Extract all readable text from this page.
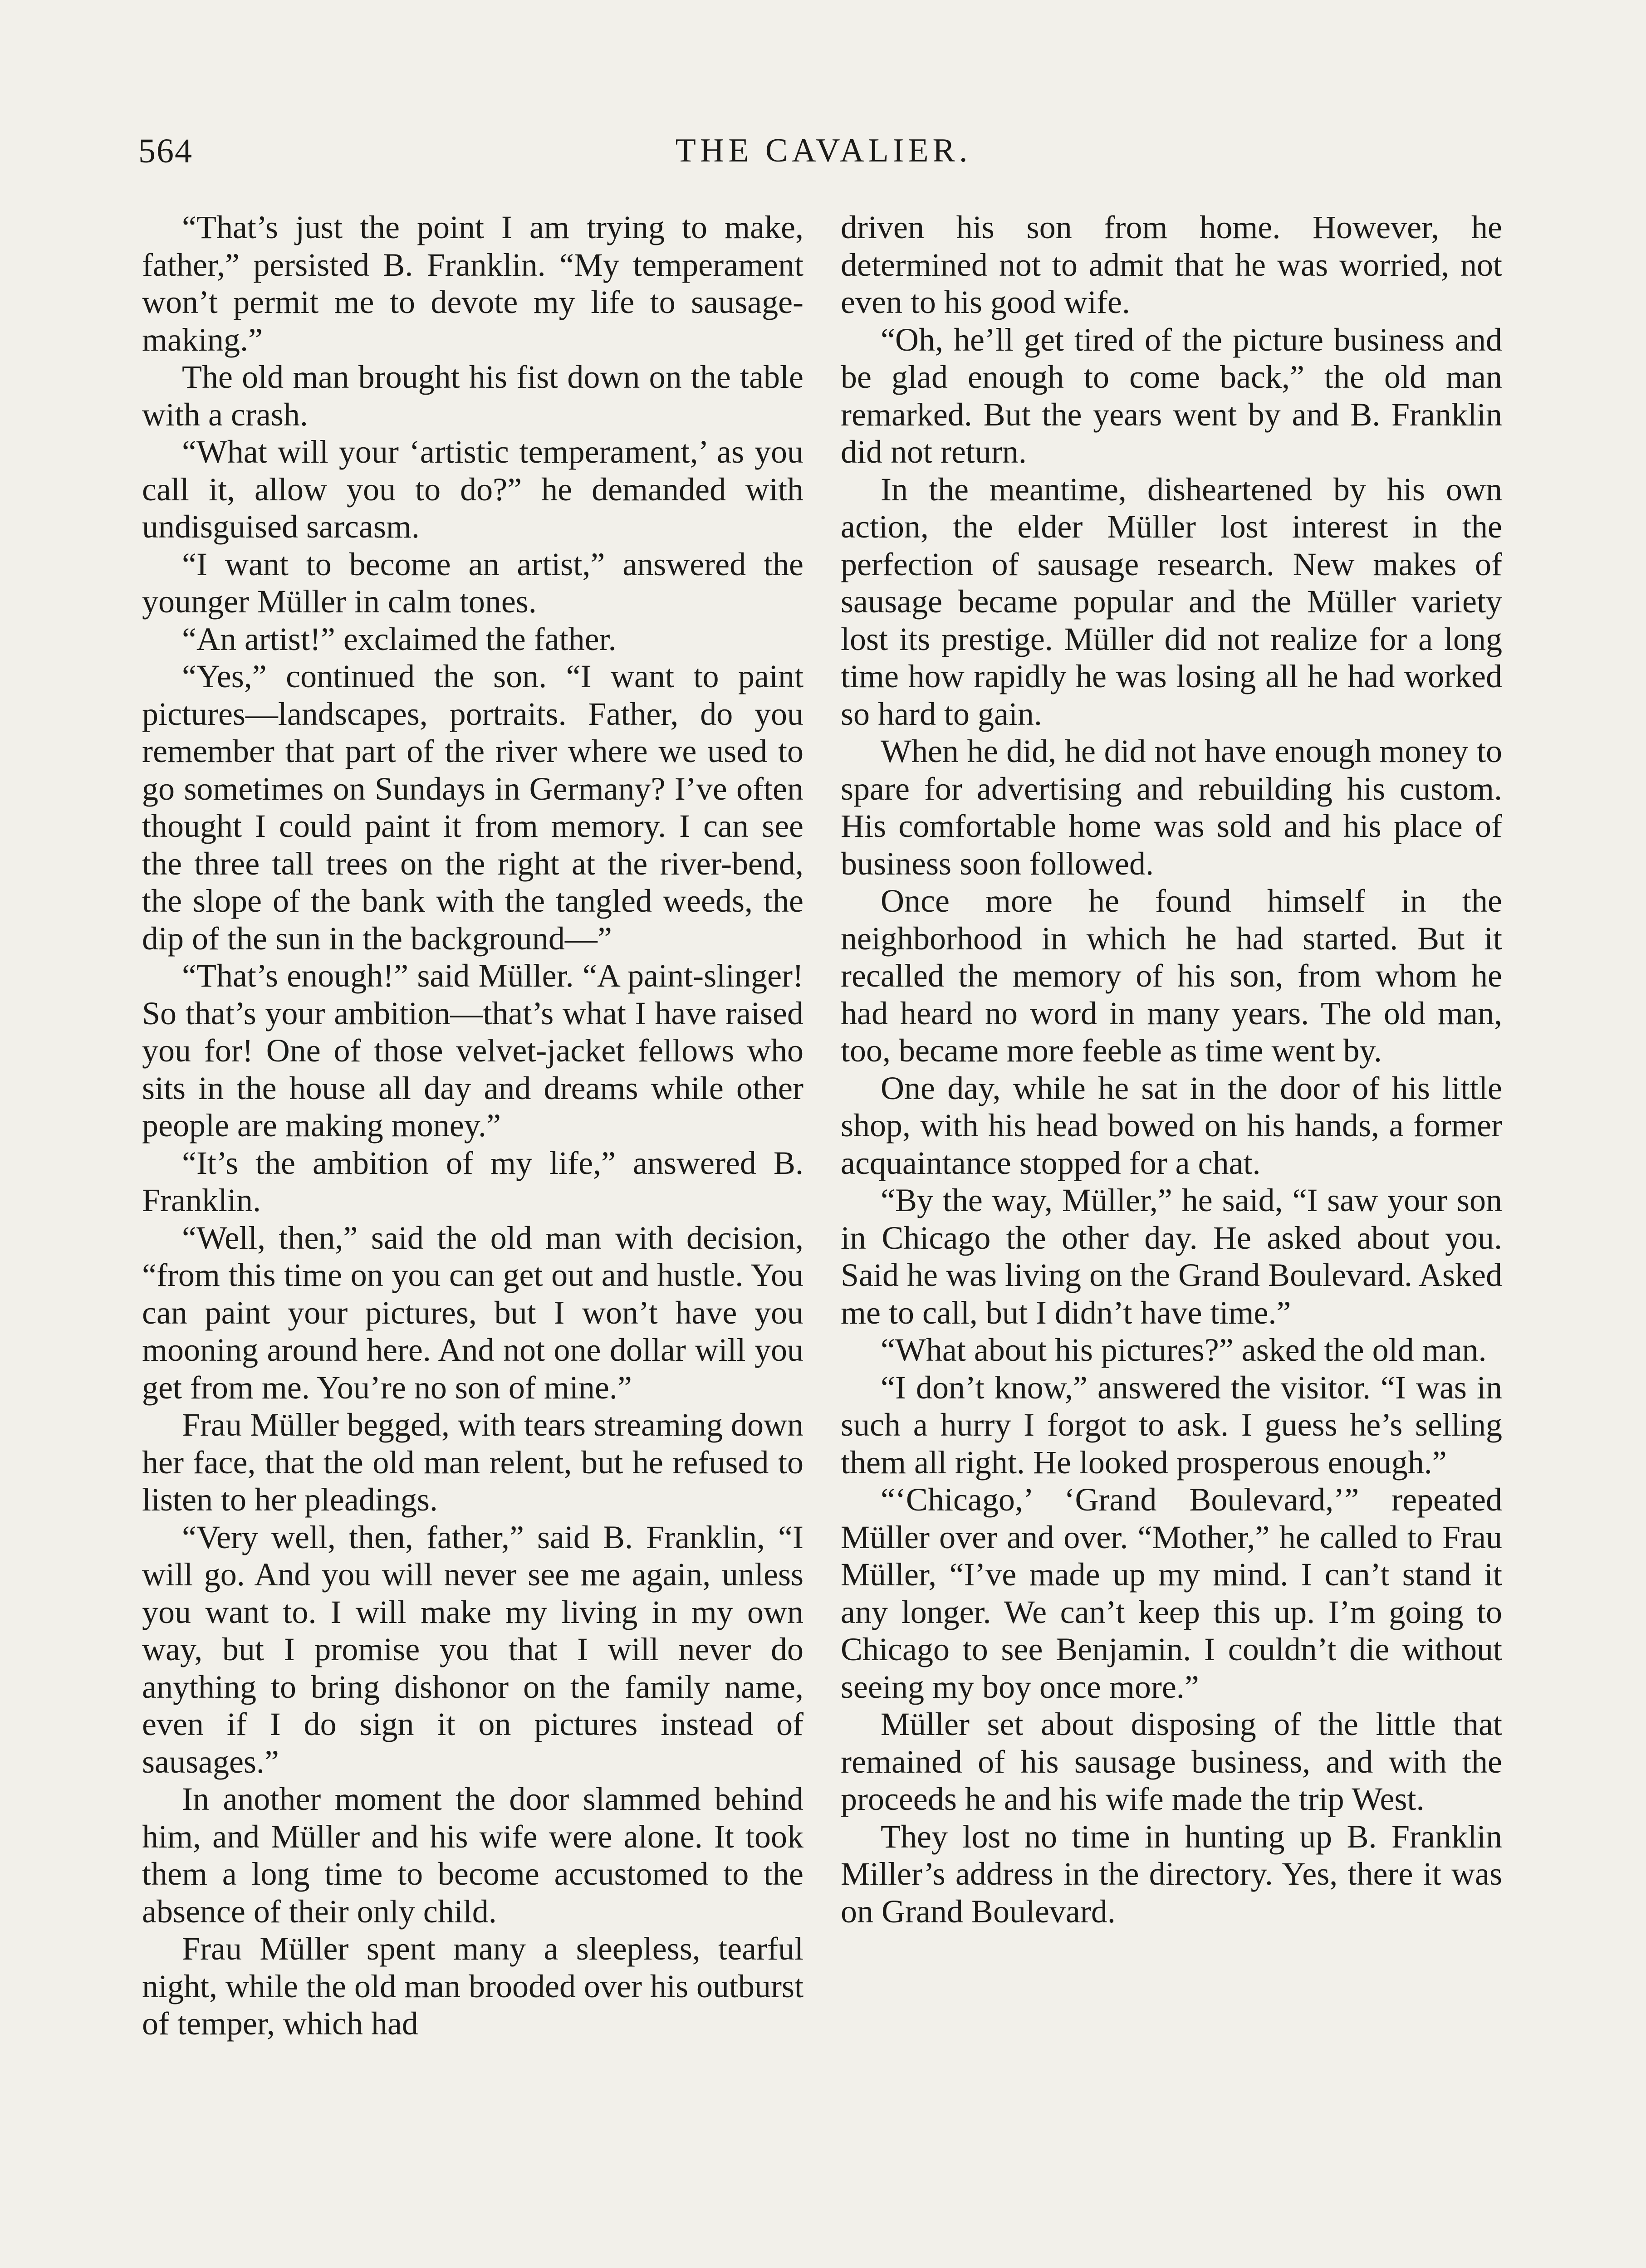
564	THE CAVALIER.

“That’s just the point I am trying to make, father,” persisted B. Franklin. “My temperament won’t permit me to devote my life to sausage-making.”

The old man brought his fist down on the table with a crash.

“What will your ‘artistic temperament,’ as you call it, allow you to do?” he demanded with undisguised sarcasm.

“I want to become an artist,” answered the younger Müller in calm tones.

“An artist!” exclaimed the father.

“Yes,” continued the son. “I want to paint pictures—landscapes, portraits. Father, do you remember that part of the river where we used to go sometimes on Sundays in Germany? I’ve often thought I could paint it from memory. I can see the three tall trees on the right at the river-bend, the slope of the bank with the tangled weeds, the dip of the sun in the background—”

“That’s enough!” said Müller. “A paint-slinger! So that’s your ambition—that’s what I have raised you for! One of those velvet-jacket fellows who sits in the house all day and dreams while other people are making money.”

“It’s the ambition of my life,” answered B. Franklin.

“Well, then,” said the old man with decision, “from this time on you can get out and hustle. You can paint your pictures, but I won’t have you mooning around here. And not one dollar will you get from me. You’re no son of mine.”

Frau Müller begged, with tears streaming down her face, that the old man relent, but he refused to listen to her pleadings.

“Very well, then, father,” said B. Franklin, “I will go. And you will never see me again, unless you want to. I will make my living in my own way, but I promise you that I will never do anything to bring dishonor on the family name, even if I do sign it on pictures instead of sausages.”

In another moment the door slammed behind him, and Müller and his wife were alone. It took them a long time to become accustomed to the absence of their only child.

Frau Müller spent many a sleepless, tearful night, while the old man brooded over his outburst of temper, which had

driven his son from home. However, he determined not to admit that he was worried, not even to his good wife.

“Oh, he’ll get tired of the picture business and be glad enough to come back,” the old man remarked. But the years went by and B. Franklin did not return.

In the meantime, disheartened by his own action, the elder Müller lost interest in the perfection of sausage research. New makes of sausage became popular and the Müller variety lost its prestige. Müller did not realize for a long time how rapidly he was losing all he had worked so hard to gain.

When he did, he did not have enough money to spare for advertising and rebuilding his custom. His comfortable home was sold and his place of business soon followed.

Once more he found himself in the neighborhood in which he had started. But it recalled the memory of his son, from whom he had heard no word in many years. The old man, too, became more feeble as time went by.

One day, while he sat in the door of his little shop, with his head bowed on his hands, a former acquaintance stopped for a chat.

“By the way, Müller,” he said, “I saw your son in Chicago the other day. He asked about you. Said he was living on the Grand Boulevard. Asked me to call, but I didn’t have time.”

“What about his pictures?” asked the old man.

“I don’t know,” answered the visitor. “I was in such a hurry I forgot to ask. I guess he’s selling them all right. He looked prosperous enough.”

“‘Chicago,’ ‘Grand Boulevard,’” repeated Müller over and over. “Mother,” he called to Frau Müller, “I’ve made up my mind. I can’t stand it any longer. We can’t keep this up. I’m going to Chicago to see Benjamin. I couldn’t die without seeing my boy once more.”

Müller set about disposing of the little that remained of his sausage business, and with the proceeds he and his wife made the trip West.

They lost no time in hunting up B. Franklin Miller’s address in the directory. Yes, there it was on Grand Boulevard.
